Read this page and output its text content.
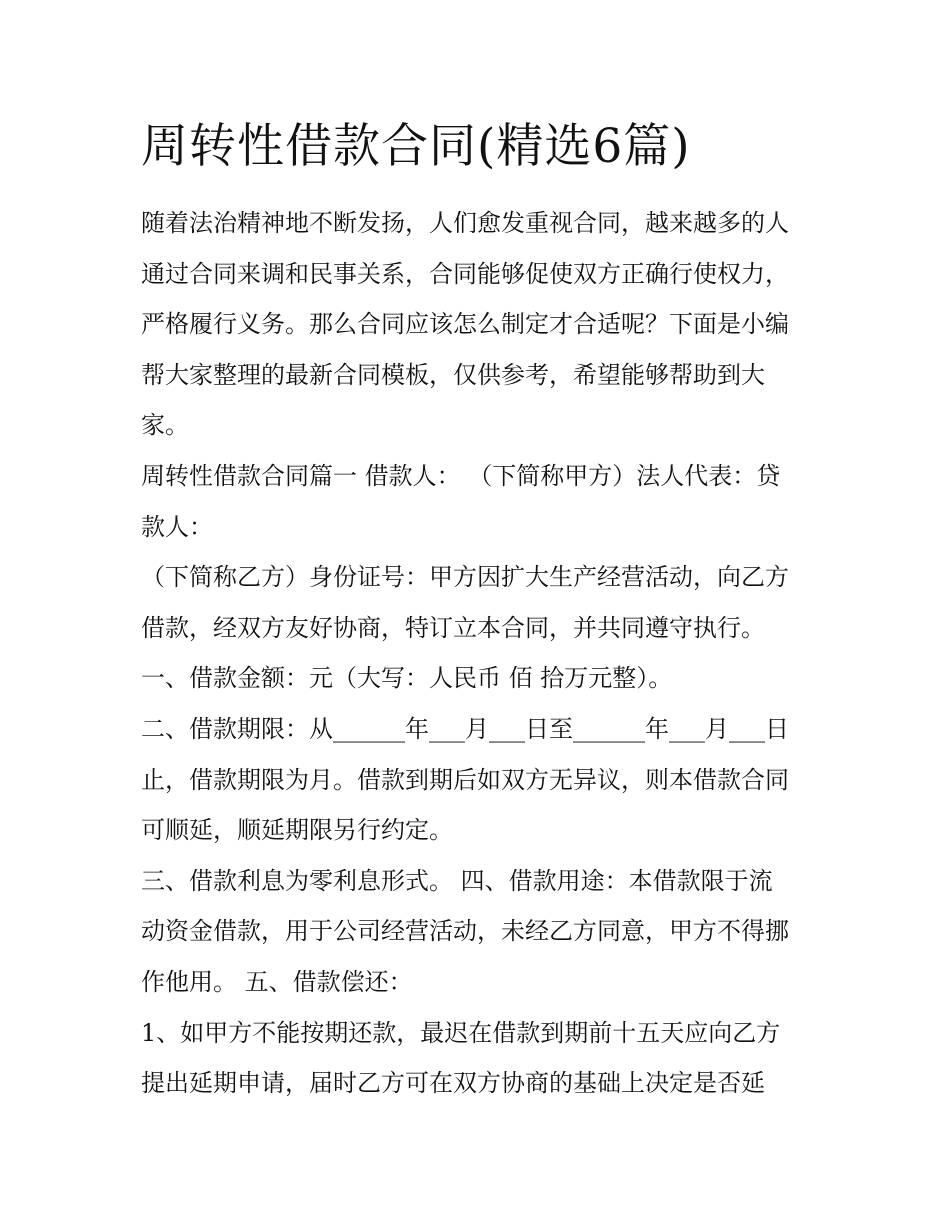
周转性借款合同(精选6篇)

随着法治精神地不断发扬，人们愈发重视合同，越来越多的人

通过合同来调和民事关系，合同能够促使双方正确行使权力，

严格履行义务。那么合同应该怎么制定才合适呢？下面是小编

帮大家整理的最新合同模板，仅供参考，希望能够帮助到大

家。

周转性借款合同篇一 借款人： （下简称甲方）法人代表：贷

款人：

（下简称乙方）身份证号：甲方因扩大生产经营活动，向乙方

借款，经双方友好协商，特订立本合同，并共同遵守执行。

一、借款金额：元（大写：人民币 佰 拾万元整）。

二、借款期限：从______年___月___日至______年___月___日

止，借款期限为月。借款到期后如双方无异议，则本借款合同

可顺延，顺延期限另行约定。

三、借款利息为零利息形式。 四、借款用途：本借款限于流

动资金借款，用于公司经营活动，未经乙方同意，甲方不得挪

作他用。 五、借款偿还：

1、如甲方不能按期还款，最迟在借款到期前十五天应向乙方

提出延期申请，届时乙方可在双方协商的基础上决定是否延
